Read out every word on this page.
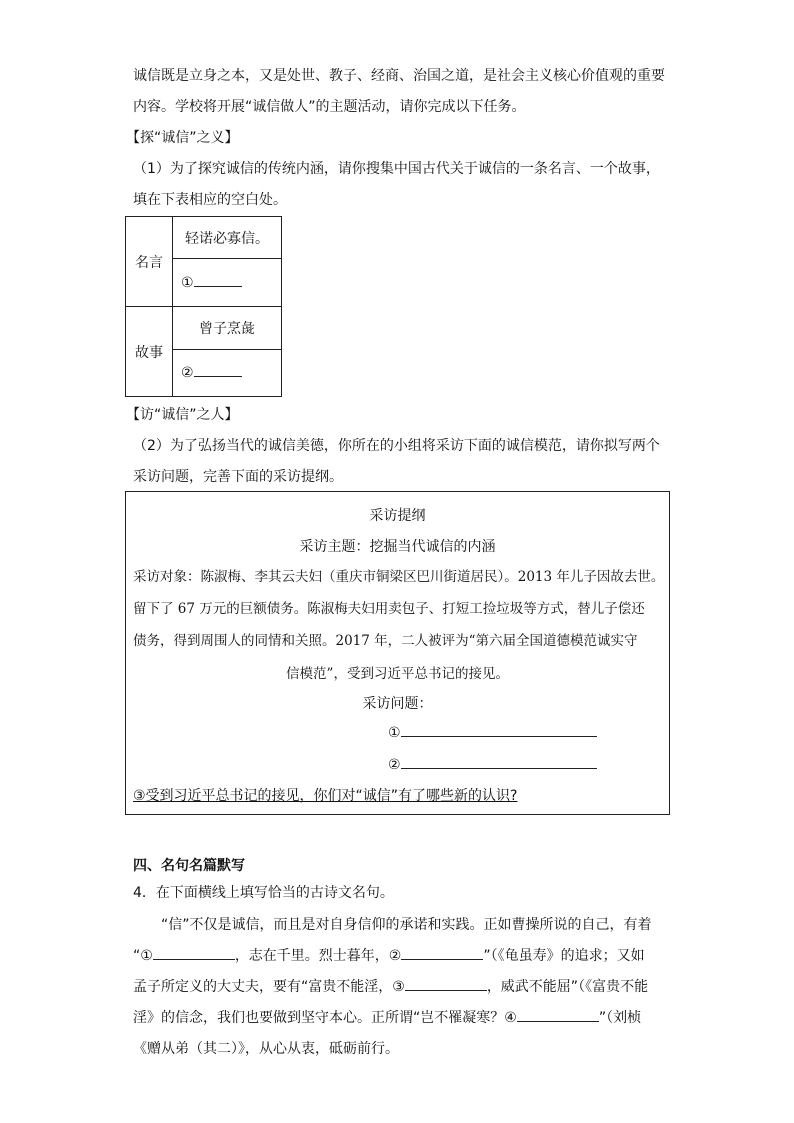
诚信既是立身之本，又是处世、教子、经商、治国之道，是社会主义核心价值观的重要
内容。学校将开展“诚信做人”的主题活动，请你完成以下任务。
【探“诚信”之义】
（1）为了探究诚信的传统内涵，请你搜集中国古代关于诚信的一条名言、一个故事，
填在下表相应的空白处。
名言	轻诺必寡信。
	①
故事	曾子烹彘
	②
【访“诚信”之人】
（2）为了弘扬当代的诚信美德，你所在的小组将采访下面的诚信模范，请你拟写两个
采访问题，完善下面的采访提纲。
采访提纲
采访主题：挖掘当代诚信的内涵
采访对象：陈淑梅、李其云夫妇（重庆市铜梁区巴川街道居民）。2013 年儿子因故去世。
留下了 67 万元的巨额债务。陈淑梅夫妇用卖包子、打短工捡垃圾等方式，替儿子偿还
债务，得到周围人的同情和关照。2017 年，二人被评为“第六届全国道德模范诚实守
信模范”，受到习近平总书记的接见。
采访问题：
①
②
③受到习近平总书记的接见，你们对“诚信”有了哪些新的认识?
四、名句名篇默写
4．在下面横线上填写恰当的古诗文名句。
“信”不仅是诚信，而且是对自身信仰的承诺和实践。正如曹操所说的自己，有着
“①	，志在千里。烈士暮年，②	”（《龟虽寿》的追求；又如
孟子所定义的大丈夫，要有“富贵不能淫，③	，威武不能屈”（《富贵不能
淫》的信念，我们也要做到坚守本心。正所谓“岂不罹凝寒？④	”（刘桢
《赠从弟（其二）》，从心从衷，砥砺前行。
